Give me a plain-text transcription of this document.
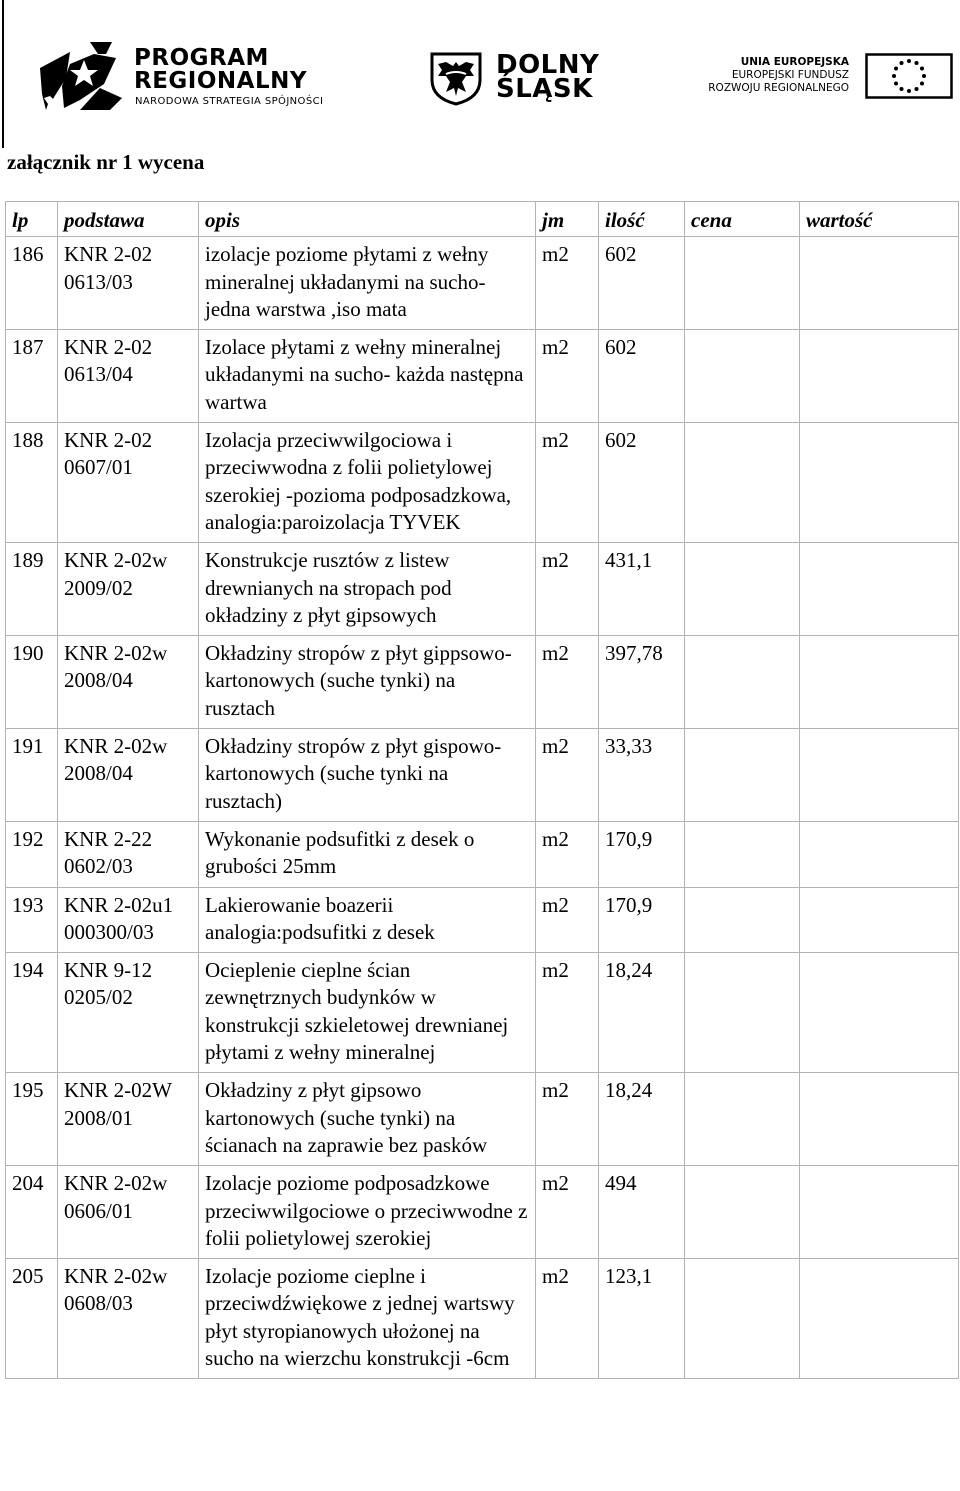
PROGRAM
REGIONALNY
NARODOWA STRATEGIA SPÓJNOŚCI
DOLNY
ŚLĄSK
UNIA EUROPEJSKA
EUROPEJSKI FUNDUSZ
ROZWOJU REGIONALNEGO
załącznik nr 1 wycena
lp	podstawa	opis	jm	ilość	cena	wartość
186	KNR 2-02 0613/03	izolacje poziome płytami z wełny mineralnej układanymi na sucho- jedna warstwa ,iso mata	m2	602		
187	KNR 2-02 0613/04	Izolace płytami z wełny mineralnej układanymi na sucho- każda następna wartwa	m2	602		
188	KNR 2-02 0607/01	Izolacja przeciwwilgociowa i przeciwwodna z folii polietylowej szerokiej -pozioma podposadzkowa, analogia:paroizolacja TYVEK	m2	602		
189	KNR 2-02w 2009/02	Konstrukcje rusztów z listew drewnianych na stropach pod okładziny z płyt gipsowych	m2	431,1		
190	KNR 2-02w 2008/04	Okładziny stropów z płyt gippsowo-kartonowych (suche tynki) na rusztach	m2	397,78		
191	KNR 2-02w 2008/04	Okładziny stropów z płyt gispowo-kartonowych (suche tynki na rusztach)	m2	33,33		
192	KNR 2-22 0602/03	Wykonanie podsufitki z desek o grubości 25mm	m2	170,9		
193	KNR 2-02u1 000300/03	Lakierowanie boazerii analogia:podsufitki z desek	m2	170,9		
194	KNR 9-12 0205/02	Ocieplenie cieplne ścian zewnętrznych budynków w konstrukcji szkieletowej drewnianej płytami z wełny mineralnej	m2	18,24		
195	KNR 2-02W 2008/01	Okładziny z płyt gipsowo kartonowych (suche tynki) na ścianach na zaprawie bez pasków	m2	18,24		
204	KNR 2-02w 0606/01	Izolacje poziome podposadzkowe przeciwwilgociowe o przeciwwodne z folii polietylowej szerokiej	m2	494		
205	KNR 2-02w 0608/03	Izolacje poziome cieplne i przeciwdźwiękowe z jednej wartswy płyt styropianowych ułożonej na sucho na wierzchu konstrukcji -6cm	m2	123,1		
